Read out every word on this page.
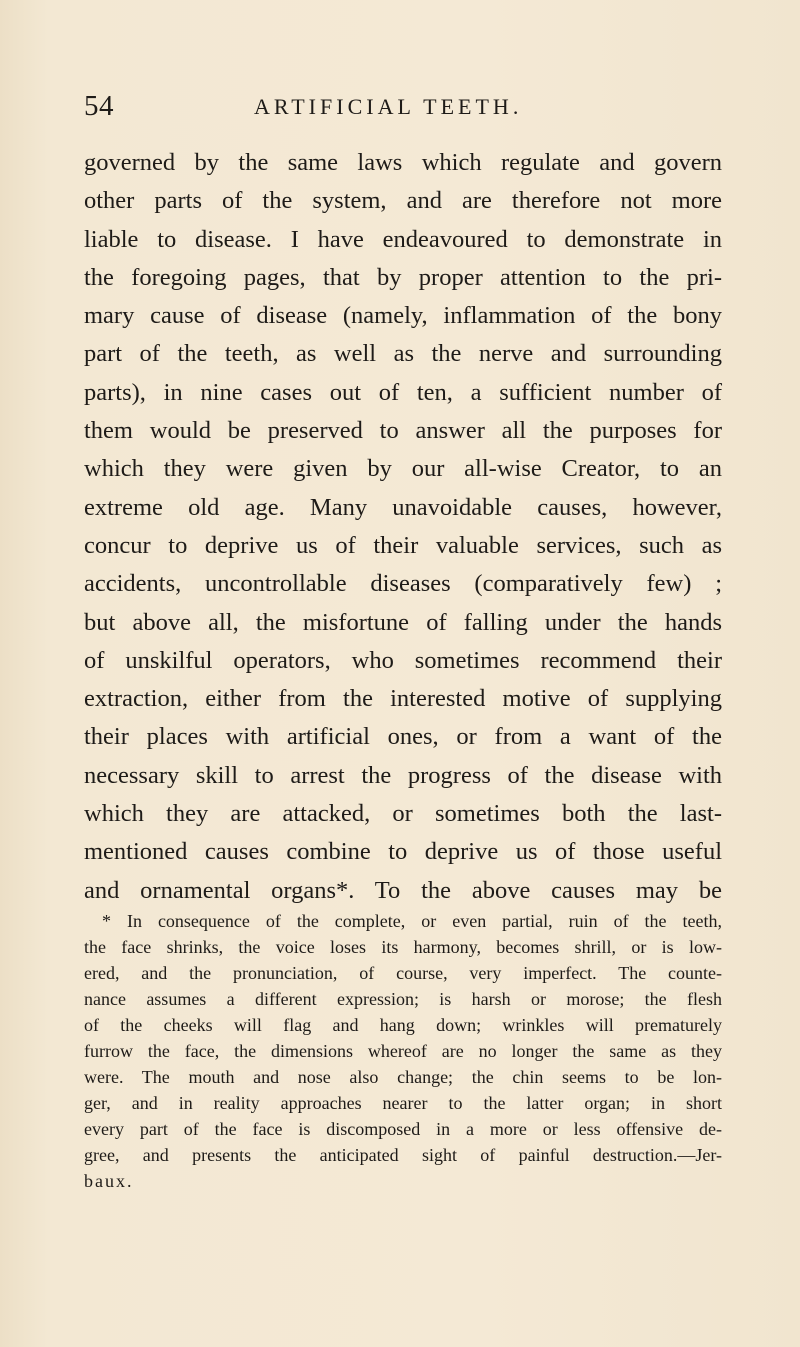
54	ARTIFICIAL TEETH.
governed by the same laws which regulate and govern
other parts of the system, and are therefore not more
liable to disease. I have endeavoured to demonstrate in
the foregoing pages, that by proper attention to the pri-
mary cause of disease (namely, inflammation of the bony
part of the teeth, as well as the nerve and surrounding
parts), in nine cases out of ten, a sufficient number of
them would be preserved to answer all the purposes for
which they were given by our all-wise Creator, to an
extreme old age. Many unavoidable causes, however,
concur to deprive us of their valuable services, such as
accidents, uncontrollable diseases (comparatively few) ;
but above all, the misfortune of falling under the hands
of unskilful operators, who sometimes recommend their
extraction, either from the interested motive of supplying
their places with artificial ones, or from a want of the
necessary skill to arrest the progress of the disease with
which they are attacked, or sometimes both the last-
mentioned causes combine to deprive us of those useful
and ornamental organs*. To the above causes may be
* In consequence of the complete, or even partial, ruin of the teeth,
the face shrinks, the voice loses its harmony, becomes shrill, or is low-
ered, and the pronunciation, of course, very imperfect. The counte-
nance assumes a different expression; is harsh or morose; the flesh
of the cheeks will flag and hang down; wrinkles will prematurely
furrow the face, the dimensions whereof are no longer the same as they
were. The mouth and nose also change; the chin seems to be lon-
ger, and in reality approaches nearer to the latter organ; in short
every part of the face is discomposed in a more or less offensive de-
gree, and presents the anticipated sight of painful destruction.—Jer-
baux.
